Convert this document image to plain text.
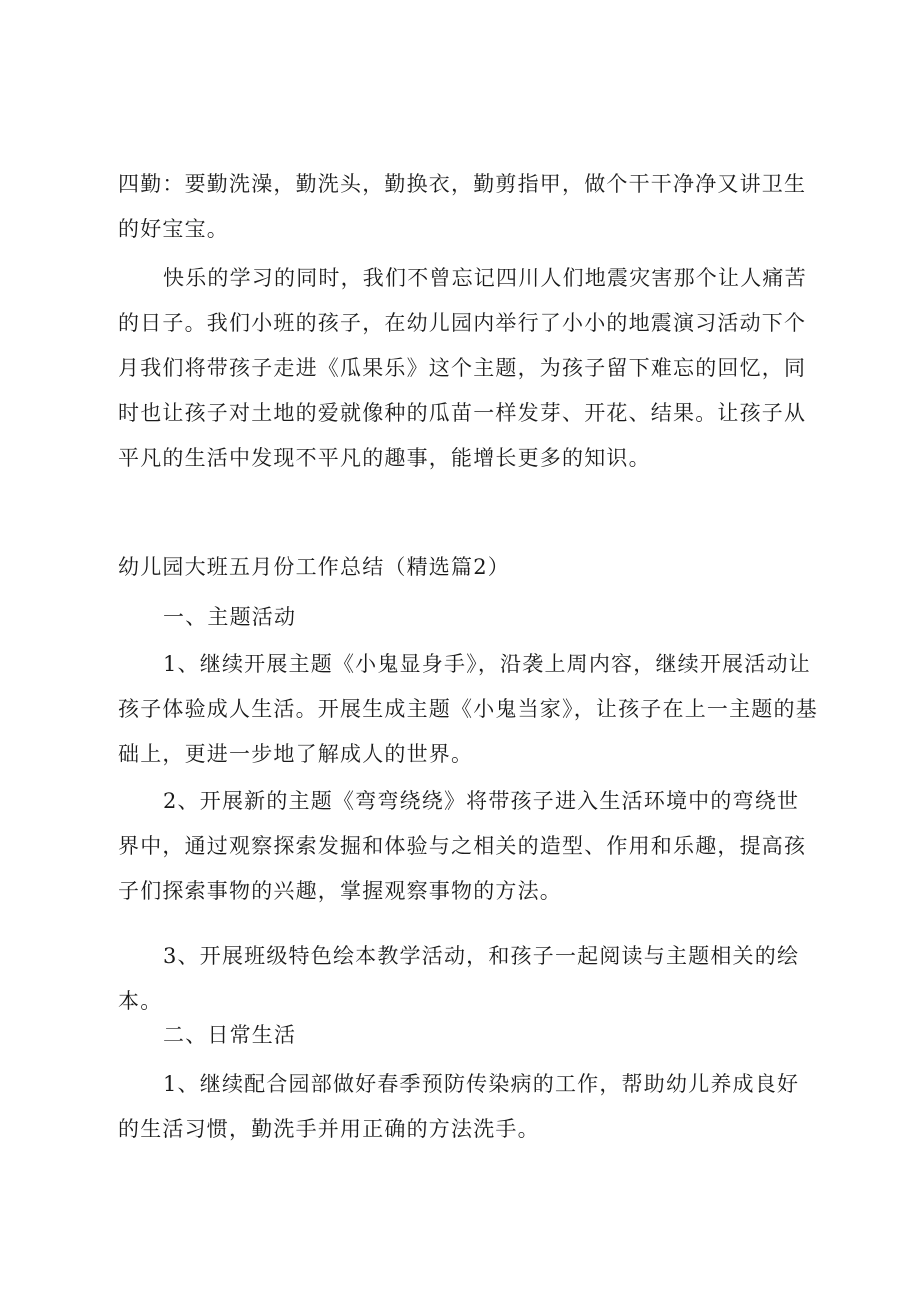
四勤：要勤洗澡，勤洗头，勤换衣，勤剪指甲，做个干干净净又讲卫生的好宝宝。

快乐的学习的同时，我们不曾忘记四川人们地震灾害那个让人痛苦的日子。我们小班的孩子，在幼儿园内举行了小小的地震演习活动下个月我们将带孩子走进《瓜果乐》这个主题，为孩子留下难忘的回忆，同时也让孩子对土地的爱就像种的瓜苗一样发芽、开花、结果。让孩子从平凡的生活中发现不平凡的趣事，能增长更多的知识。

幼儿园大班五月份工作总结（精选篇2）

一、主题活动

1、继续开展主题《小鬼显身手》，沿袭上周内容，继续开展活动让孩子体验成人生活。开展生成主题《小鬼当家》，让孩子在上一主题的基础上，更进一步地了解成人的世界。

2、开展新的主题《弯弯绕绕》将带孩子进入生活环境中的弯绕世界中，通过观察探索发掘和体验与之相关的造型、作用和乐趣，提高孩子们探索事物的兴趣，掌握观察事物的方法。

3、开展班级特色绘本教学活动，和孩子一起阅读与主题相关的绘本。

二、日常生活

1、继续配合园部做好春季预防传染病的工作，帮助幼儿养成良好的生活习惯，勤洗手并用正确的方法洗手。
